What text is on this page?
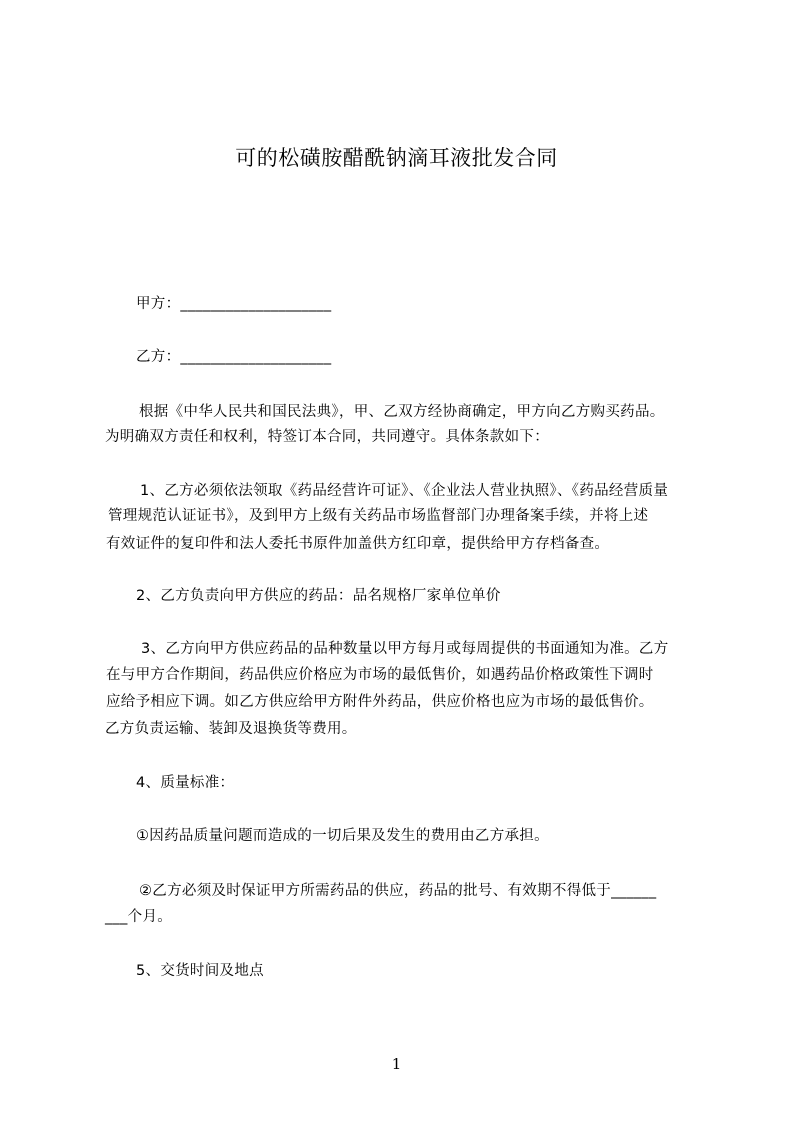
可的松磺胺醋酰钠滴耳液批发合同
甲方：____________________
乙方：____________________
根据《中华人民共和国民法典》，甲、乙双方经协商确定，甲方向乙方购买药品。
为明确双方责任和权利，特签订本合同，共同遵守。具体条款如下：
1、乙方必须依法领取《药品经营许可证》、《企业法人营业执照》、《药品经营质量
管理规范认证证书》，及到甲方上级有关药品市场监督部门办理备案手续，并将上述
有效证件的复印件和法人委托书原件加盖供方红印章，提供给甲方存档备查。
2、乙方负责向甲方供应的药品：品名规格厂家单位单价
3、乙方向甲方供应药品的品种数量以甲方每月或每周提供的书面通知为准。乙方
在与甲方合作期间，药品供应价格应为市场的最低售价，如遇药品价格政策性下调时
应给予相应下调。如乙方供应给甲方附件外药品，供应价格也应为市场的最低售价。
乙方负责运输、装卸及退换货等费用。
4、质量标准：
①因药品质量问题而造成的一切后果及发生的费用由乙方承担。
②乙方必须及时保证甲方所需药品的供应，药品的批号、有效期不得低于______
___个月。
5、交货时间及地点
1
